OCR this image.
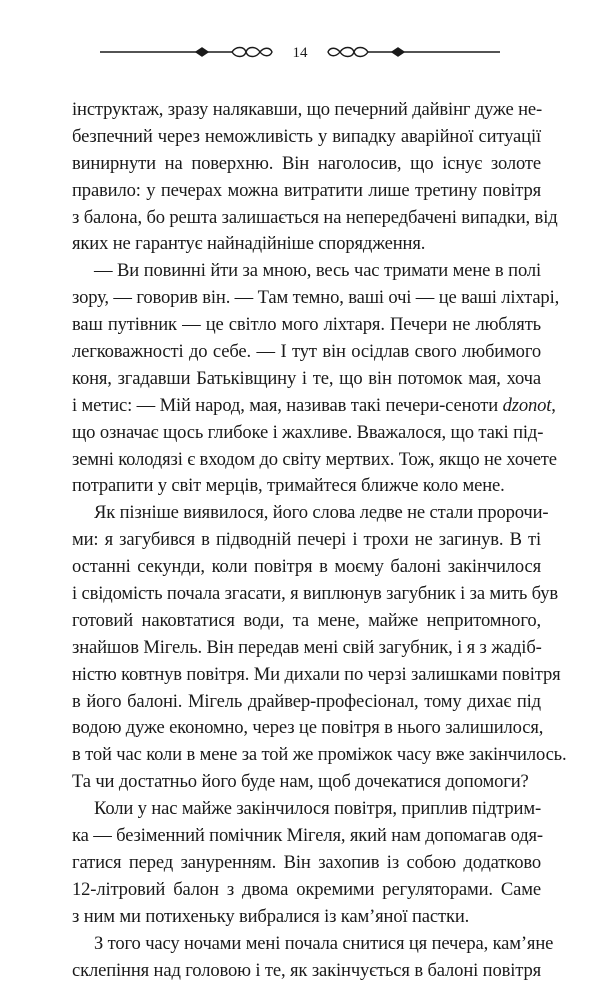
14
інструктаж, зразу налякавши, що печерний дайвінг дуже не-
безпечний через неможливість у випадку аварійної ситуації
винирнути на поверхню. Він наголосив, що існує золоте
правило: у печерах можна витратити лише третину повітря
з балона, бо решта залишається на непередбачені випадки, від
яких не гарантує найнадійніше спорядження.
— Ви повинні йти за мною, весь час тримати мене в полі
зору, — говорив він. — Там темно, ваші очі — це ваші ліхтарі,
ваш путівник — це світло мого ліхтаря. Печери не люблять
легковажності до себе. — І тут він осідлав свого любимого
коня, згадавши Батьківщину і те, що він потомок мая, хоча
і метис: — Мій народ, мая, називав такі печери-сеноти dzonot,
що означає щось глибоке і жахливе. Вважалося, що такі під-
земні колодязі є входом до світу мертвих. Тож, якщо не хочете
потрапити у світ мерців, тримайтеся ближче коло мене.
Як пізніше виявилося, його слова ледве не стали пророчи-
ми: я загубився в підводній печері і трохи не загинув. В ті
останні секунди, коли повітря в моєму балоні закінчилося
і свідомість почала згасати, я виплюнув загубник і за мить був
готовий наковтатися води, та мене, майже непритомного,
знайшов Мігель. Він передав мені свій загубник, і я з жадіб-
ністю ковтнув повітря. Ми дихали по черзі залишками повітря
в його балоні. Мігель драйвер-професіонал, тому дихає під
водою дуже економно, через це повітря в нього залишилося,
в той час коли в мене за той же проміжок часу вже закінчилось.
Та чи достатньо його буде нам, щоб дочекатися допомоги?
Коли у нас майже закінчилося повітря, приплив підтрим-
ка — безіменний помічник Мігеля, який нам допомагав одя-
гатися перед зануренням. Він захопив із собою додатково
12-літровий балон з двома окремими регуляторами. Саме
з ним ми потихеньку вибралися із кам’яної пастки.
З того часу ночами мені почала снитися ця печера, кам’яне
склепіння над головою і те, як закінчується в балоні повітря
